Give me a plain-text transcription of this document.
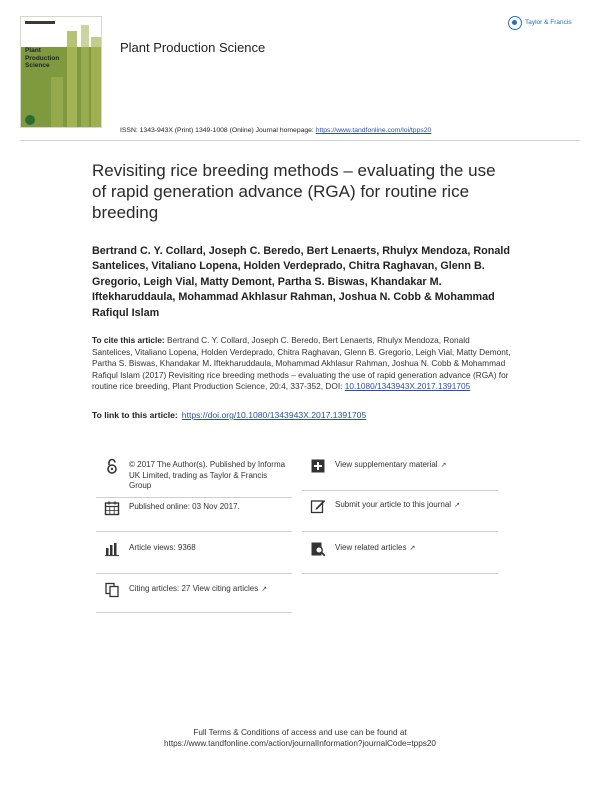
Plant
Production
Science
Plant Production Science
Taylor & Francis
ISSN: 1343-943X (Print) 1349-1008 (Online) Journal homepage: https://www.tandfonline.com/loi/tpps20
Revisiting rice breeding methods – evaluating the use of rapid generation advance (RGA) for routine rice breeding
Bertrand C. Y. Collard, Joseph C. Beredo, Bert Lenaerts, Rhulyx Mendoza, Ronald Santelices, Vitaliano Lopena, Holden Verdeprado, Chitra Raghavan, Glenn B. Gregorio, Leigh Vial, Matty Demont, Partha S. Biswas, Khandakar M. Iftekharuddaula, Mohammad Akhlasur Rahman, Joshua N. Cobb & Mohammad Rafiqul Islam
To cite this article: Bertrand C. Y. Collard, Joseph C. Beredo, Bert Lenaerts, Rhulyx Mendoza, Ronald Santelices, Vitaliano Lopena, Holden Verdeprado, Chitra Raghavan, Glenn B. Gregorio, Leigh Vial, Matty Demont, Partha S. Biswas, Khandakar M. Iftekharuddaula, Mohammad Akhlasur Rahman, Joshua N. Cobb & Mohammad Rafiqul Islam (2017) Revisiting rice breeding methods – evaluating the use of rapid generation advance (RGA) for routine rice breeding, Plant Production Science, 20:4, 337-352, DOI: 10.1080/1343943X.2017.1391705
To link to this article: https://doi.org/10.1080/1343943X.2017.1391705
© 2017 The Author(s). Published by Informa UK Limited, trading as Taylor & Francis Group
Published online: 03 Nov 2017.
Article views: 9368
Citing articles: 27 View citing articles ↗
View supplementary material ↗
Submit your article to this journal ↗
View related articles ↗
Full Terms & Conditions of access and use can be found at
https://www.tandfonline.com/action/journalInformation?journalCode=tpps20
